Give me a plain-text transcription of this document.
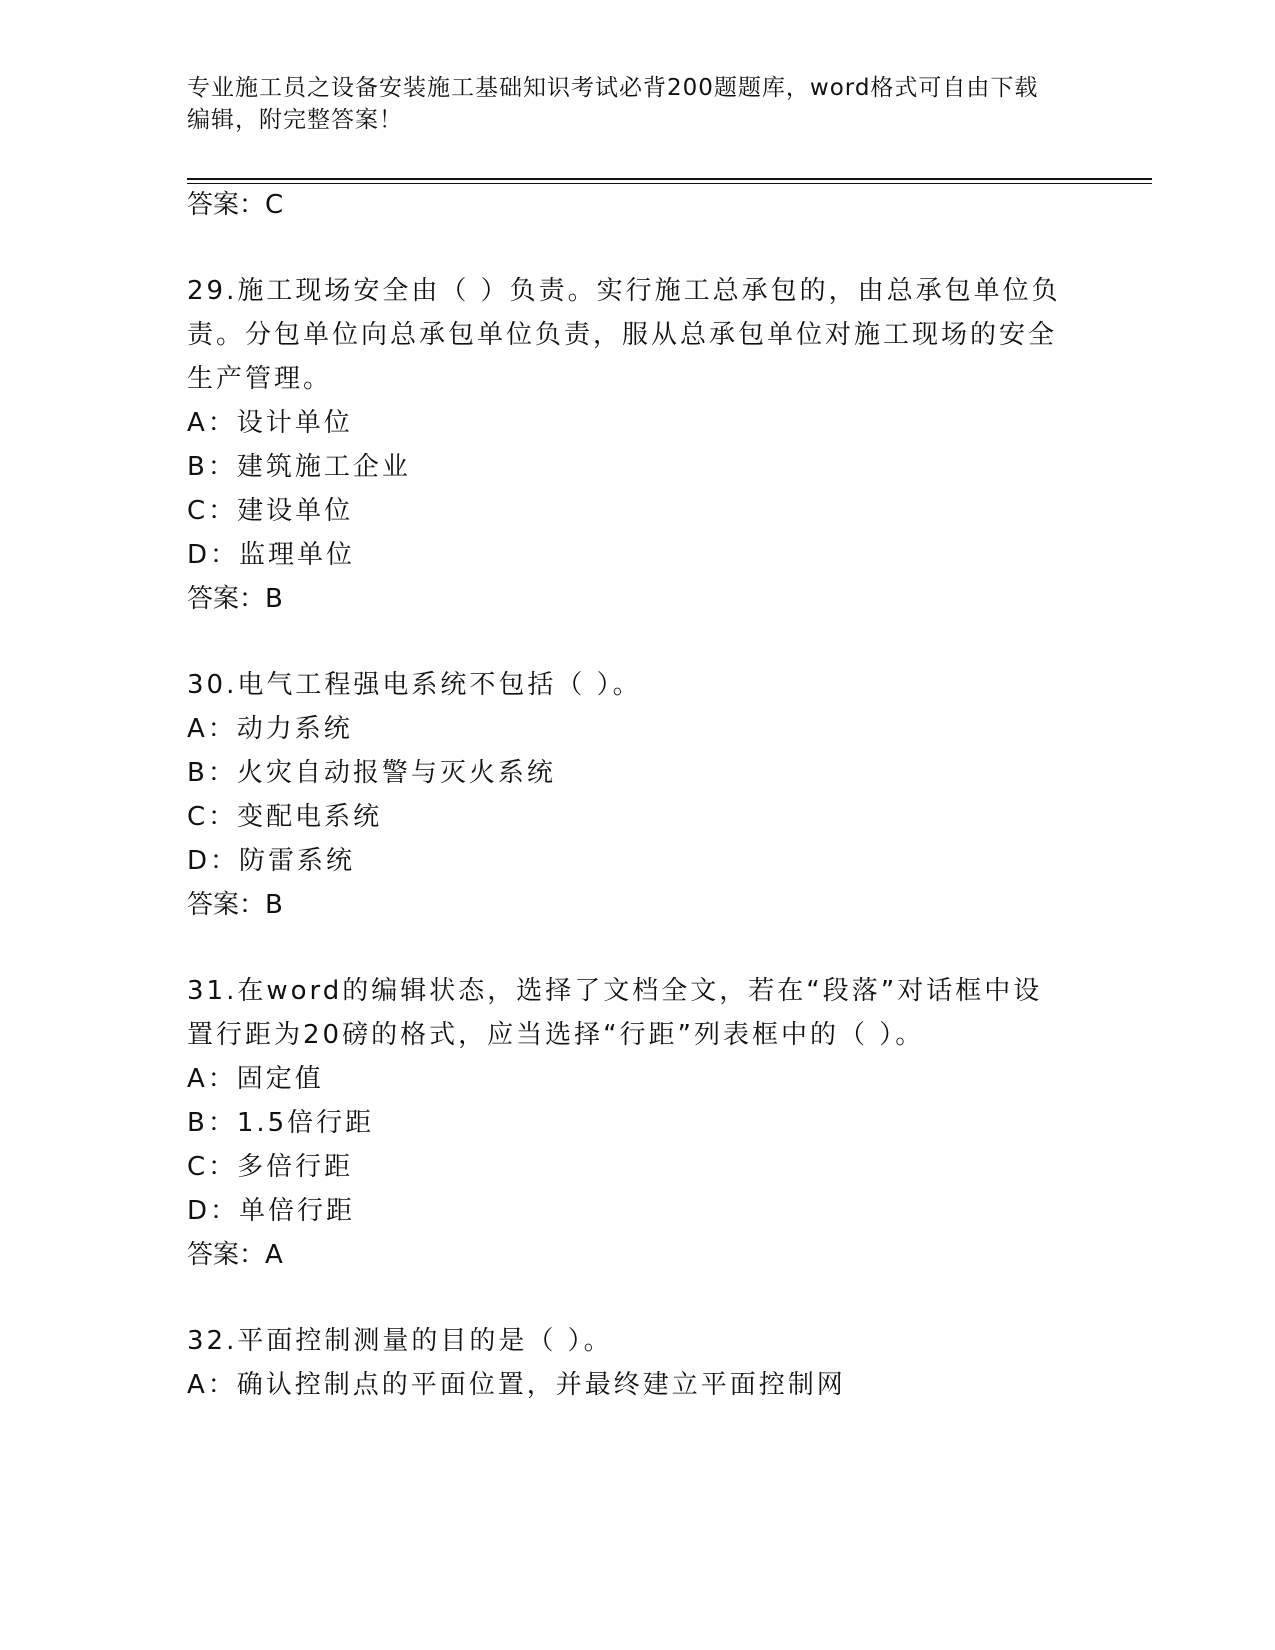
专业施工员之设备安装施工基础知识考试必背200题题库，word格式可自由下载
编辑，附完整答案！
答案：C
29.施工现场安全由（ ）负责。实行施工总承包的，由总承包单位负
责。分包单位向总承包单位负责，服从总承包单位对施工现场的安全
生产管理。
A：设计单位
B：建筑施工企业
C：建设单位
D：监理单位
答案：B
30.电气工程强电系统不包括（ ）。
A：动力系统
B：火灾自动报警与灭火系统
C：变配电系统
D：防雷系统
答案：B
31.在word的编辑状态，选择了文档全文，若在“段落”对话框中设
置行距为20磅的格式，应当选择“行距”列表框中的（ ）。
A：固定值
B：1.5倍行距
C：多倍行距
D：单倍行距
答案：A
32.平面控制测量的目的是（ ）。
A：确认控制点的平面位置，并最终建立平面控制网
